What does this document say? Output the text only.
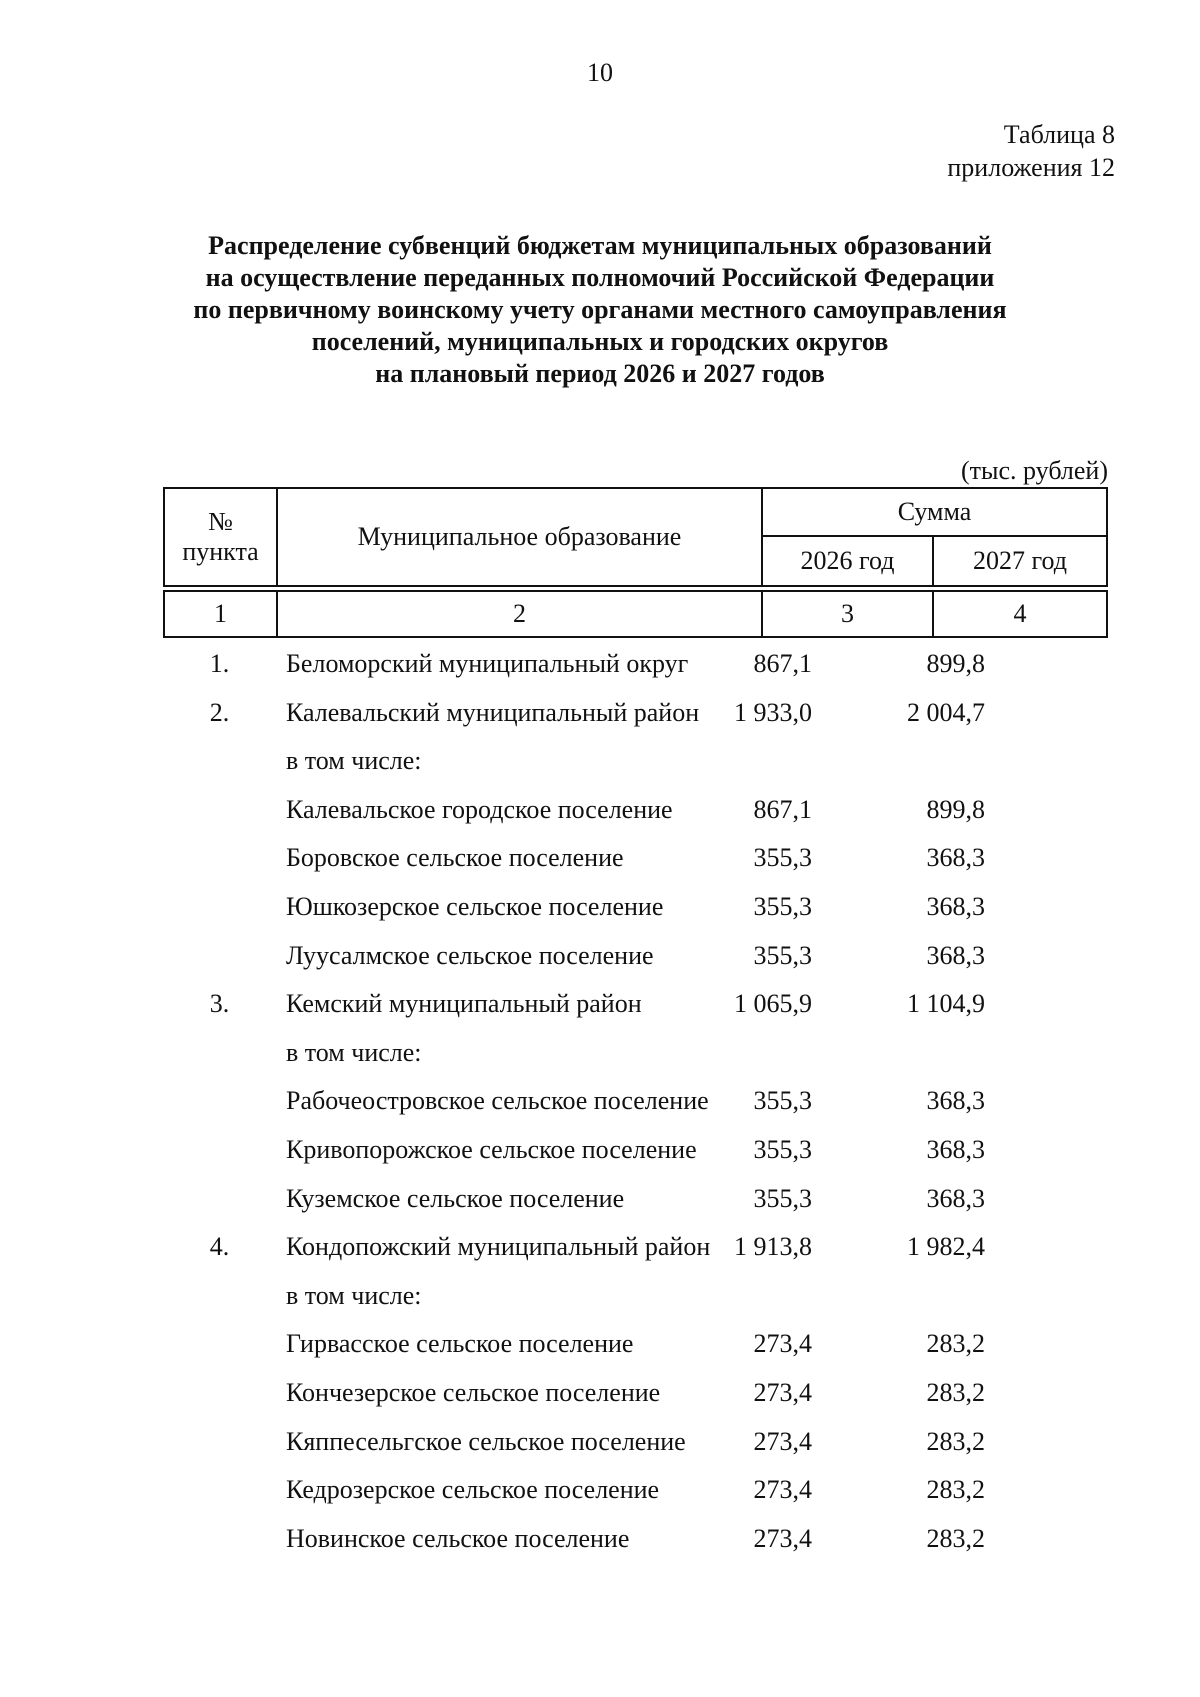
10
Таблица 8
приложения 12
Распределение субвенций бюджетам муниципальных образований
на осуществление переданных полномочий Российской Федерации
по первичному воинскому учету органами местного самоуправления
поселений, муниципальных и городских округов
на плановый период 2026 и 2027 годов
(тыс. рублей)
№
пункта	Муниципальное образование	Сумма	
		2026 год	2027 год

1	2	3	4
1.	Беломорский муниципальный округ	867,1	899,8
2.	Калевальский муниципальный район	1 933,0	2 004,7
в том числе:
Калевальское городское поселение	867,1	899,8
Боровское сельское поселение	355,3	368,3
Юшкозерское сельское поселение	355,3	368,3
Луусалмское сельское поселение	355,3	368,3
3.	Кемский муниципальный район	1 065,9	1 104,9
в том числе:
Рабочеостровское сельское поселение	355,3	368,3
Кривопорожское сельское поселение	355,3	368,3
Куземское сельское поселение	355,3	368,3
4.	Кондопожский муниципальный район 1 913,8	1 982,4
в том числе:
Гирвасское сельское поселение	273,4	283,2
Кончезерское сельское поселение	273,4	283,2
Кяппесельгское сельское поселение	273,4	283,2
Кедрозерское сельское поселение	273,4	283,2
Новинское сельское поселение	273,4	283,2
